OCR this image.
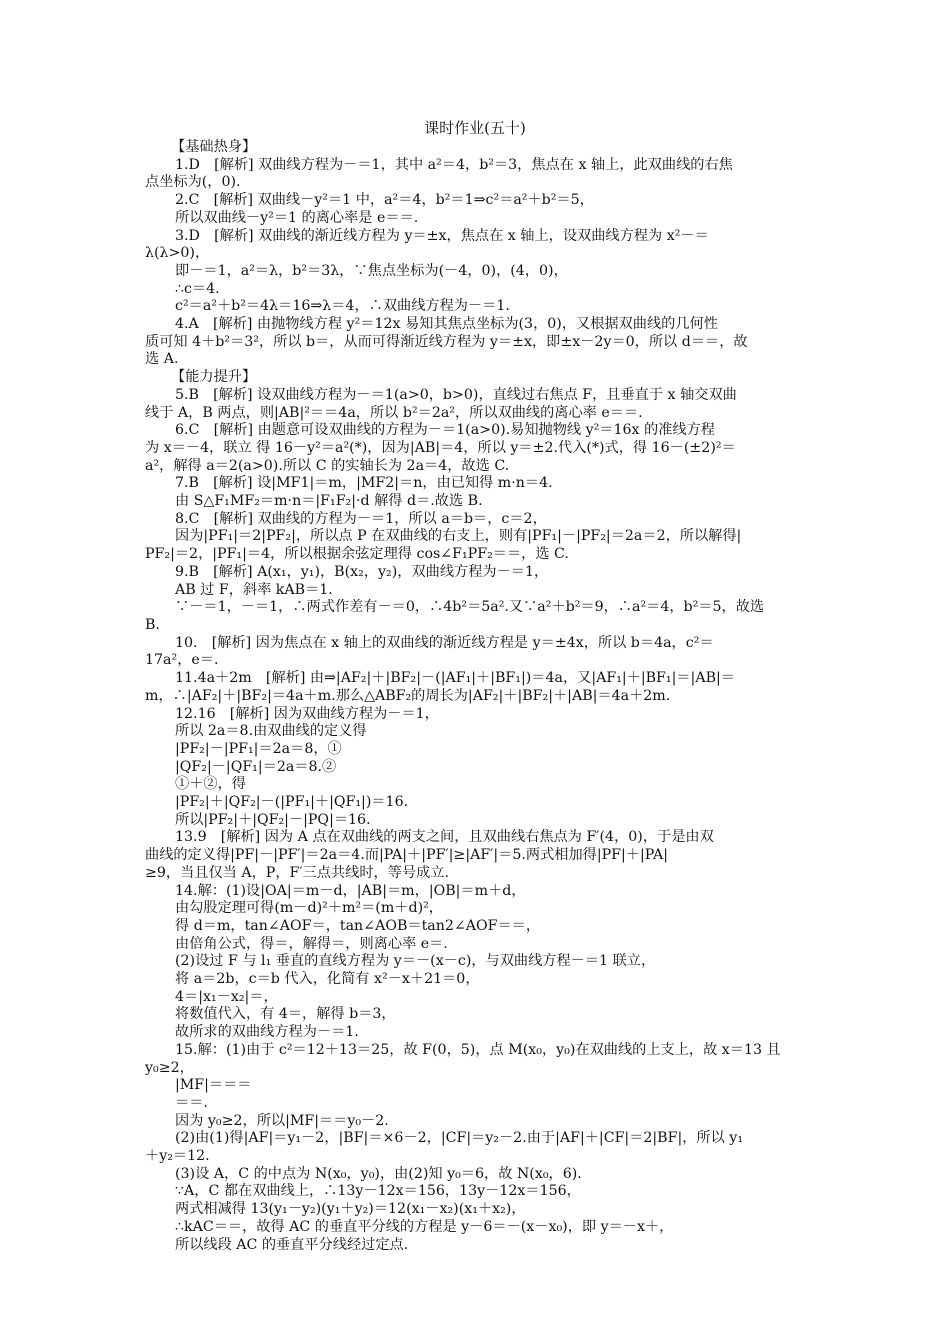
课时作业(五十)
【基础热身】
1.D　[解析] 双曲线方程为－＝1，其中 a²＝4，b²＝3，焦点在 x 轴上，此双曲线的右焦
点坐标为(，0).
2.C　[解析] 双曲线－y²＝1 中，a²＝4，b²＝1⇒c²＝a²＋b²＝5，
所以双曲线－y²＝1 的离心率是 e＝＝.
3.D　[解析] 双曲线的渐近线方程为 y＝±x，焦点在 x 轴上，设双曲线方程为 x²－＝
λ(λ>0)，
即－＝1，a²＝λ，b²＝3λ，∵焦点坐标为(－4，0)，(4，0)，
∴c＝4.
c²＝a²＋b²＝4λ＝16⇒λ＝4，∴双曲线方程为－＝1.
4.A　[解析] 由抛物线方程 y²＝12x 易知其焦点坐标为(3，0)，又根据双曲线的几何性
质可知 4＋b²＝3²，所以 b＝，从而可得渐近线方程为 y＝±x，即±x－2y＝0，所以 d＝＝，故
选 A.
【能力提升】
5.B　[解析] 设双曲线方程为－＝1(a>0，b>0)，直线过右焦点 F，且垂直于 x 轴交双曲
线于 A，B 两点，则|AB|²＝＝4a，所以 b²＝2a²，所以双曲线的离心率 e＝＝.
6.C　[解析] 由题意可设双曲线的方程为－＝1(a>0).易知抛物线 y²＝16x 的准线方程
为 x＝－4，联立 得 16－y²＝a²(*)，因为|AB|＝4，所以 y＝±2.代入(*)式，得 16－(±2)²＝
a²，解得 a＝2(a>0).所以 C 的实轴长为 2a＝4，故选 C.
7.B　[解析] 设|MF1|＝m，|MF2|＝n，由已知得 m·n＝4.
由 S△F₁MF₂＝m·n＝|F₁F₂|·d 解得 d＝.故选 B.
8.C　[解析] 双曲线的方程为－＝1，所以 a＝b＝，c＝2，
因为|PF₁|＝2|PF₂|，所以点 P 在双曲线的右支上，则有|PF₁|－|PF₂|＝2a＝2，所以解得|
PF₂|＝2，|PF₁|＝4，所以根据余弦定理得 cos∠F₁PF₂＝＝，选 C.
9.B　[解析] A(x₁，y₁)，B(x₂，y₂)，双曲线方程为－＝1，
AB 过 F，斜率 kAB＝1.
∵－＝1，－＝1，∴两式作差有－＝0，∴4b²＝5a².又∵a²＋b²＝9，∴a²＝4，b²＝5，故选
B.
10.　[解析] 因为焦点在 x 轴上的双曲线的渐近线方程是 y＝±4x，所以 b＝4a，c²＝
17a²，e＝.
11.4a＋2m　[解析] 由⇒|AF₂|＋|BF₂|－(|AF₁|＋|BF₁|)＝4a，又|AF₁|＋|BF₁|＝|AB|＝
m，∴|AF₂|＋|BF₂|＝4a＋m.那么△ABF₂的周长为|AF₂|＋|BF₂|＋|AB|＝4a＋2m.
12.16　[解析] 因为双曲线方程为－＝1，
所以 2a＝8.由双曲线的定义得
|PF₂|－|PF₁|＝2a＝8，①
|QF₂|－|QF₁|＝2a＝8.②
①＋②，得
|PF₂|＋|QF₂|－(|PF₁|＋|QF₁|)＝16.
所以|PF₂|＋|QF₂|－|PQ|＝16.
13.9　[解析] 因为 A 点在双曲线的两支之间，且双曲线右焦点为 F′(4，0)，于是由双
曲线的定义得|PF|－|PF′|＝2a＝4.而|PA|＋|PF′|≥|AF′|＝5.两式相加得|PF|＋|PA|
≥9，当且仅当 A，P，F′三点共线时，等号成立.
14.解：(1)设|OA|＝m－d，|AB|＝m，|OB|＝m＋d，
由勾股定理可得(m－d)²＋m²＝(m＋d)²，
得 d＝m，tan∠AOF＝，tan∠AOB＝tan2∠AOF＝＝，
由倍角公式，得＝，解得＝，则离心率 e＝.
(2)设过 F 与 l₁ 垂直的直线方程为 y＝－(x－c)，与双曲线方程－＝1 联立，
将 a＝2b，c＝b 代入，化简有 x²－x＋21＝0，
4＝|x₁－x₂|＝，
将数值代入，有 4＝，解得 b＝3，
故所求的双曲线方程为－＝1.
15.解：(1)由于 c²＝12＋13＝25，故 F(0，5)，点 M(x₀，y₀)在双曲线的上支上，故 x＝13 且
y₀≥2，
|MF|＝＝＝
＝＝.
因为 y₀≥2，所以|MF|＝＝y₀－2.
(2)由(1)得|AF|＝y₁－2，|BF|＝×6－2，|CF|＝y₂－2.由于|AF|＋|CF|＝2|BF|，所以 y₁
＋y₂＝12.
(3)设 A，C 的中点为 N(x₀，y₀)，由(2)知 y₀＝6，故 N(x₀，6).
∵A，C 都在双曲线上，∴13y－12x＝156，13y－12x＝156，
两式相减得 13(y₁－y₂)(y₁＋y₂)＝12(x₁－x₂)(x₁＋x₂)，
∴kAC＝＝，故得 AC 的垂直平分线的方程是 y－6＝－(x－x₀)，即 y＝－x＋，
所以线段 AC 的垂直平分线经过定点.
